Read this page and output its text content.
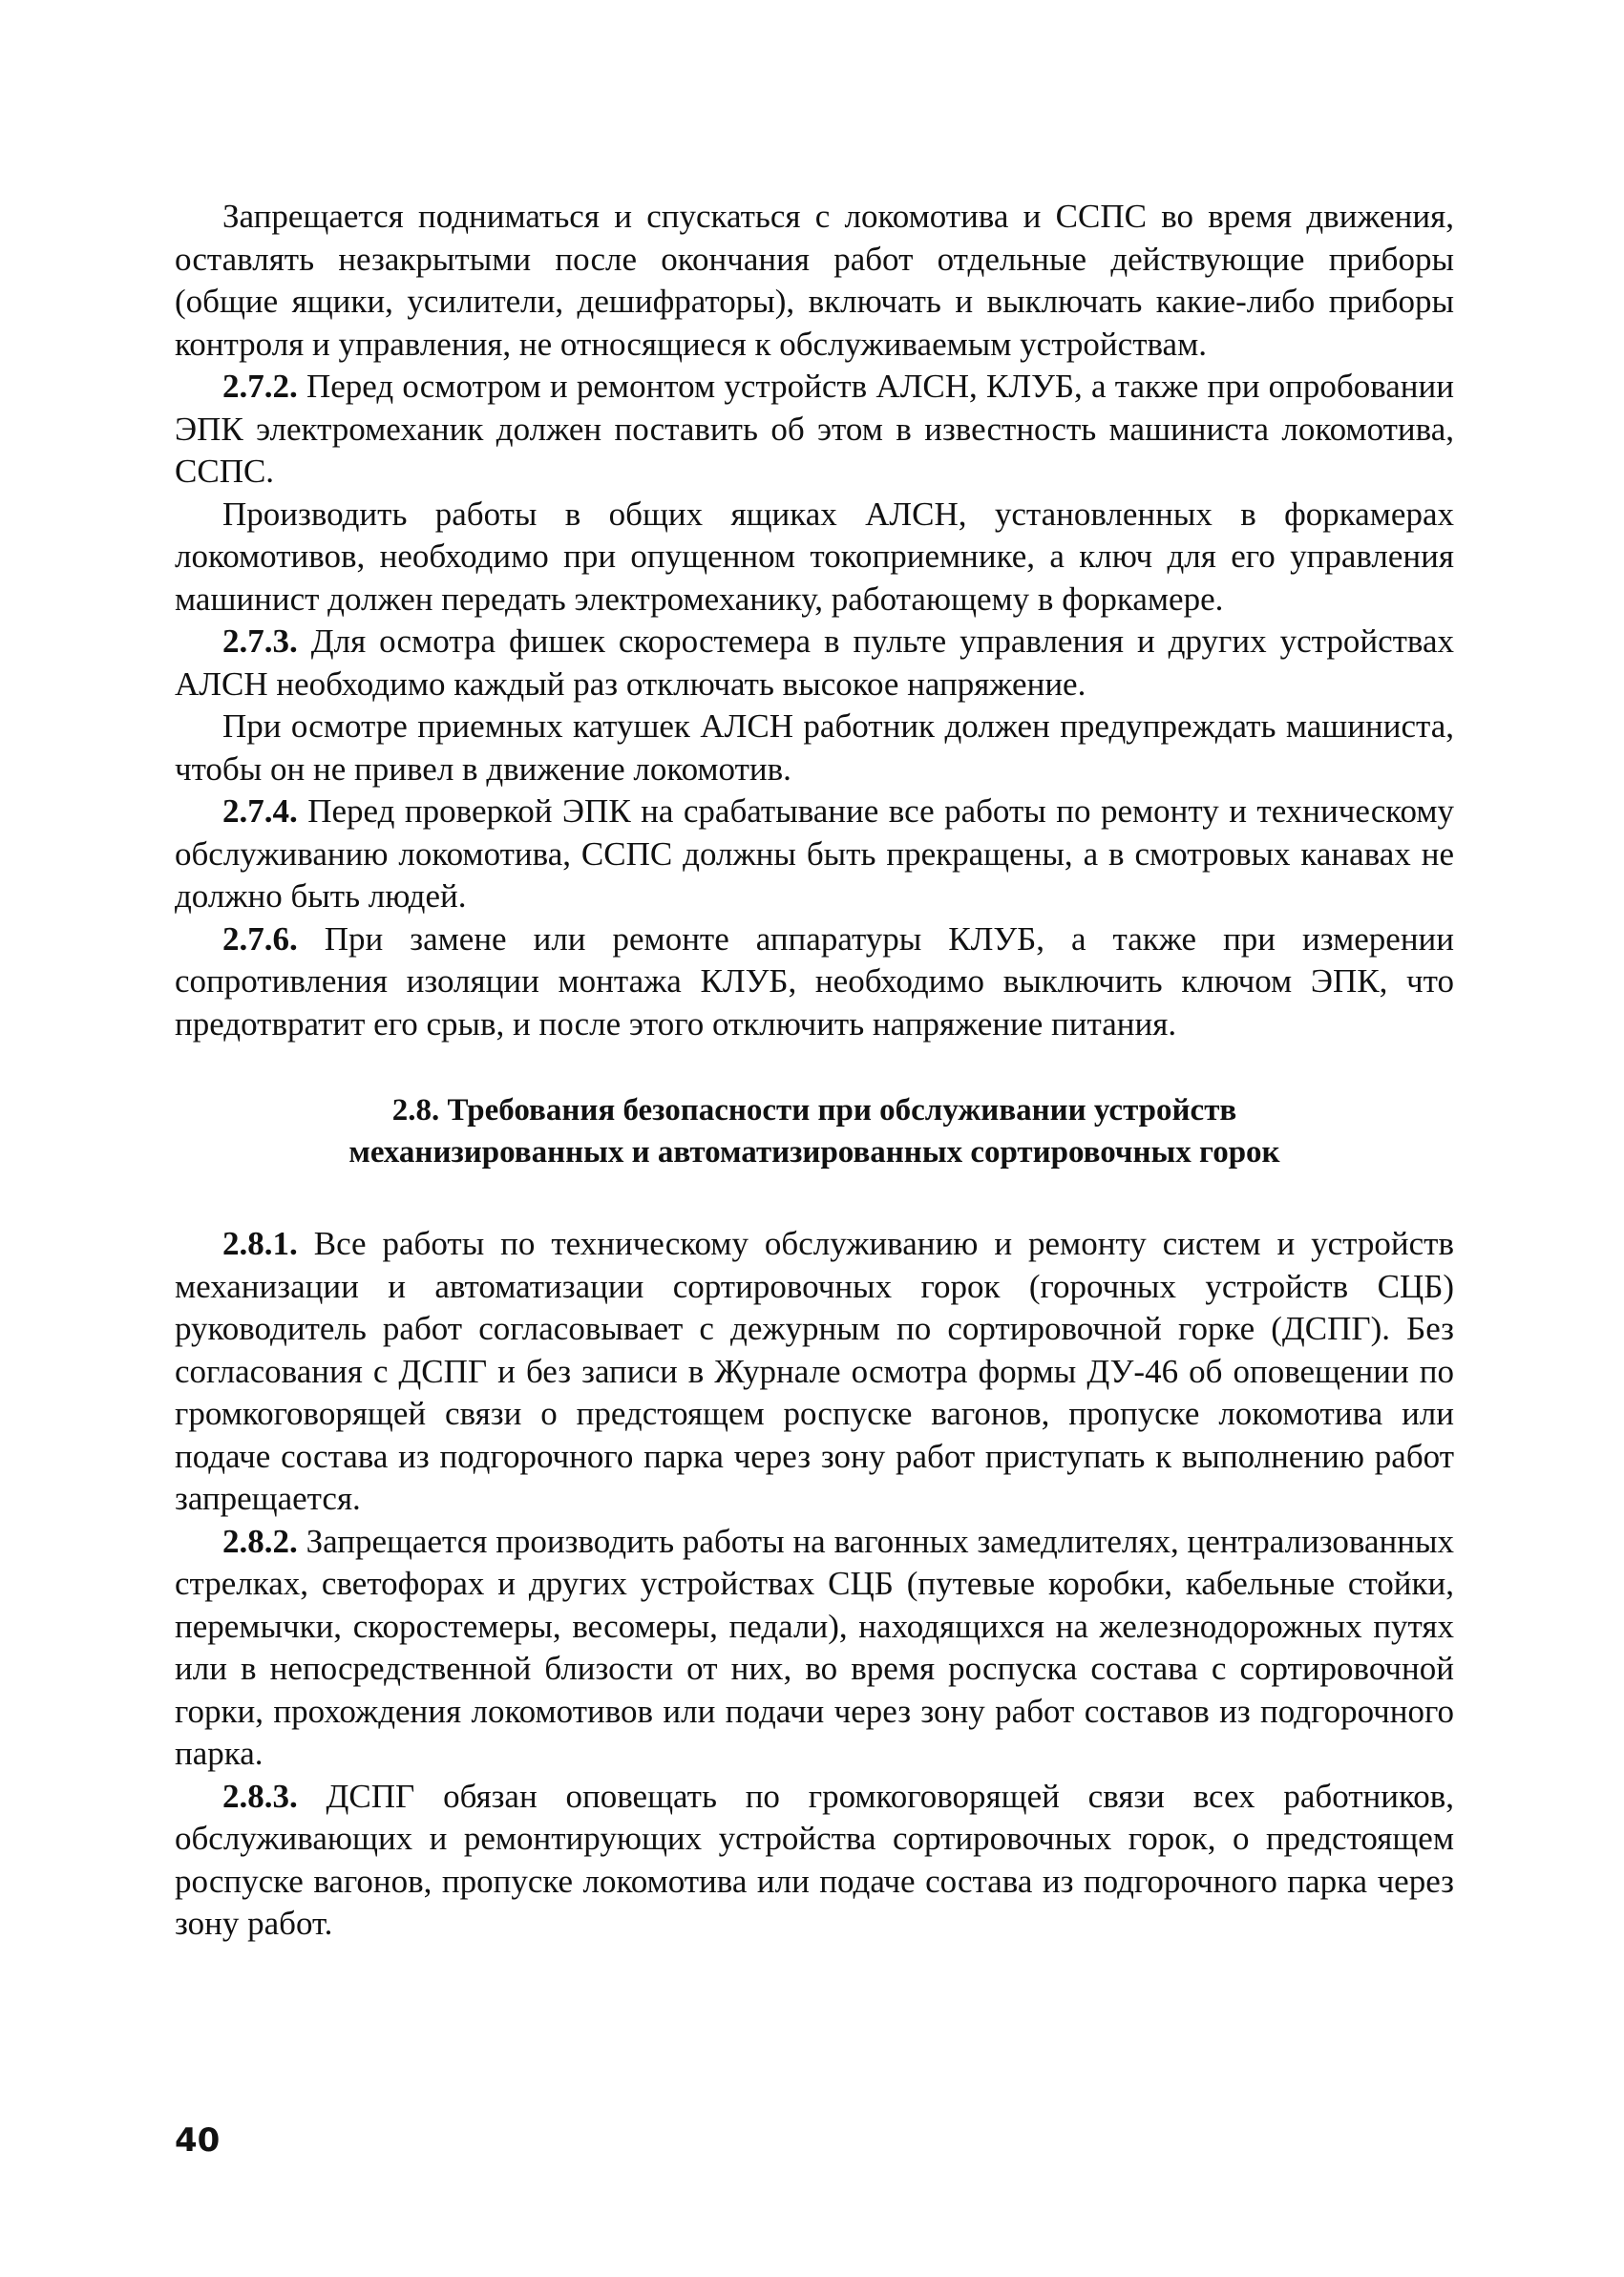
Запрещается подниматься и спускаться с локомотива и ССПС во время движения, оставлять незакрытыми после окончания работ отдельные действующие приборы (общие ящики, усилители, дешифраторы), включать и выключать какие-либо приборы контроля и управления, не относящиеся к обслуживаемым устройствам.

2.7.2. Перед осмотром и ремонтом устройств АЛСН, КЛУБ, а также при опробовании ЭПК электромеханик должен поставить об этом в известность машиниста локомотива, ССПС.

Производить работы в общих ящиках АЛСН, установленных в форкамерах локомотивов, необходимо при опущенном токоприемнике, а ключ для его управления машинист должен передать электромеханику, работающему в форкамере.

2.7.3. Для осмотра фишек скоростемера в пульте управления и других устройствах АЛСН необходимо каждый раз отключать высокое напряжение.

При осмотре приемных катушек АЛСН работник должен предупреждать машиниста, чтобы он не привел в движение локомотив.

2.7.4. Перед проверкой ЭПК на срабатывание все работы по ремонту и техническому обслуживанию локомотива, ССПС должны быть прекращены, а в смотровых канавах не должно быть людей.

2.7.6. При замене или ремонте аппаратуры КЛУБ, а также при измерении сопротивления изоляции монтажа КЛУБ, необходимо выключить ключом ЭПК, что предотвратит его срыв, и после этого отключить напряжение питания.

2.8. Требования безопасности при обслуживании устройств
механизированных и автоматизированных сортировочных горок

2.8.1. Все работы по техническому обслуживанию и ремонту систем и устройств механизации и автоматизации сортировочных горок (горочных устройств СЦБ) руководитель работ согласовывает с дежурным по сортировочной горке (ДСПГ). Без согласования с ДСПГ и без записи в Журнале осмотра формы ДУ-46 об оповещении по громкоговорящей связи о предстоящем роспуске вагонов, пропуске локомотива или подаче состава из подгорочного парка через зону работ приступать к выполнению работ запрещается.

2.8.2. Запрещается производить работы на вагонных замедлителях, централизованных стрелках, светофорах и других устройствах СЦБ (путевые коробки, кабельные стойки, перемычки, скоростемеры, весомеры, педали), находящихся на железнодорожных путях или в непосредственной близости от них, во время роспуска состава с сортировочной горки, прохождения локомотивов или подачи через зону работ составов из подгорочного парка.

2.8.3. ДСПГ обязан оповещать по громкоговорящей связи всех работников, обслуживающих и ремонтирующих устройства сортировочных горок, о предстоящем роспуске вагонов, пропуске локомотива или подаче состава из подгорочного парка через зону работ.

40
